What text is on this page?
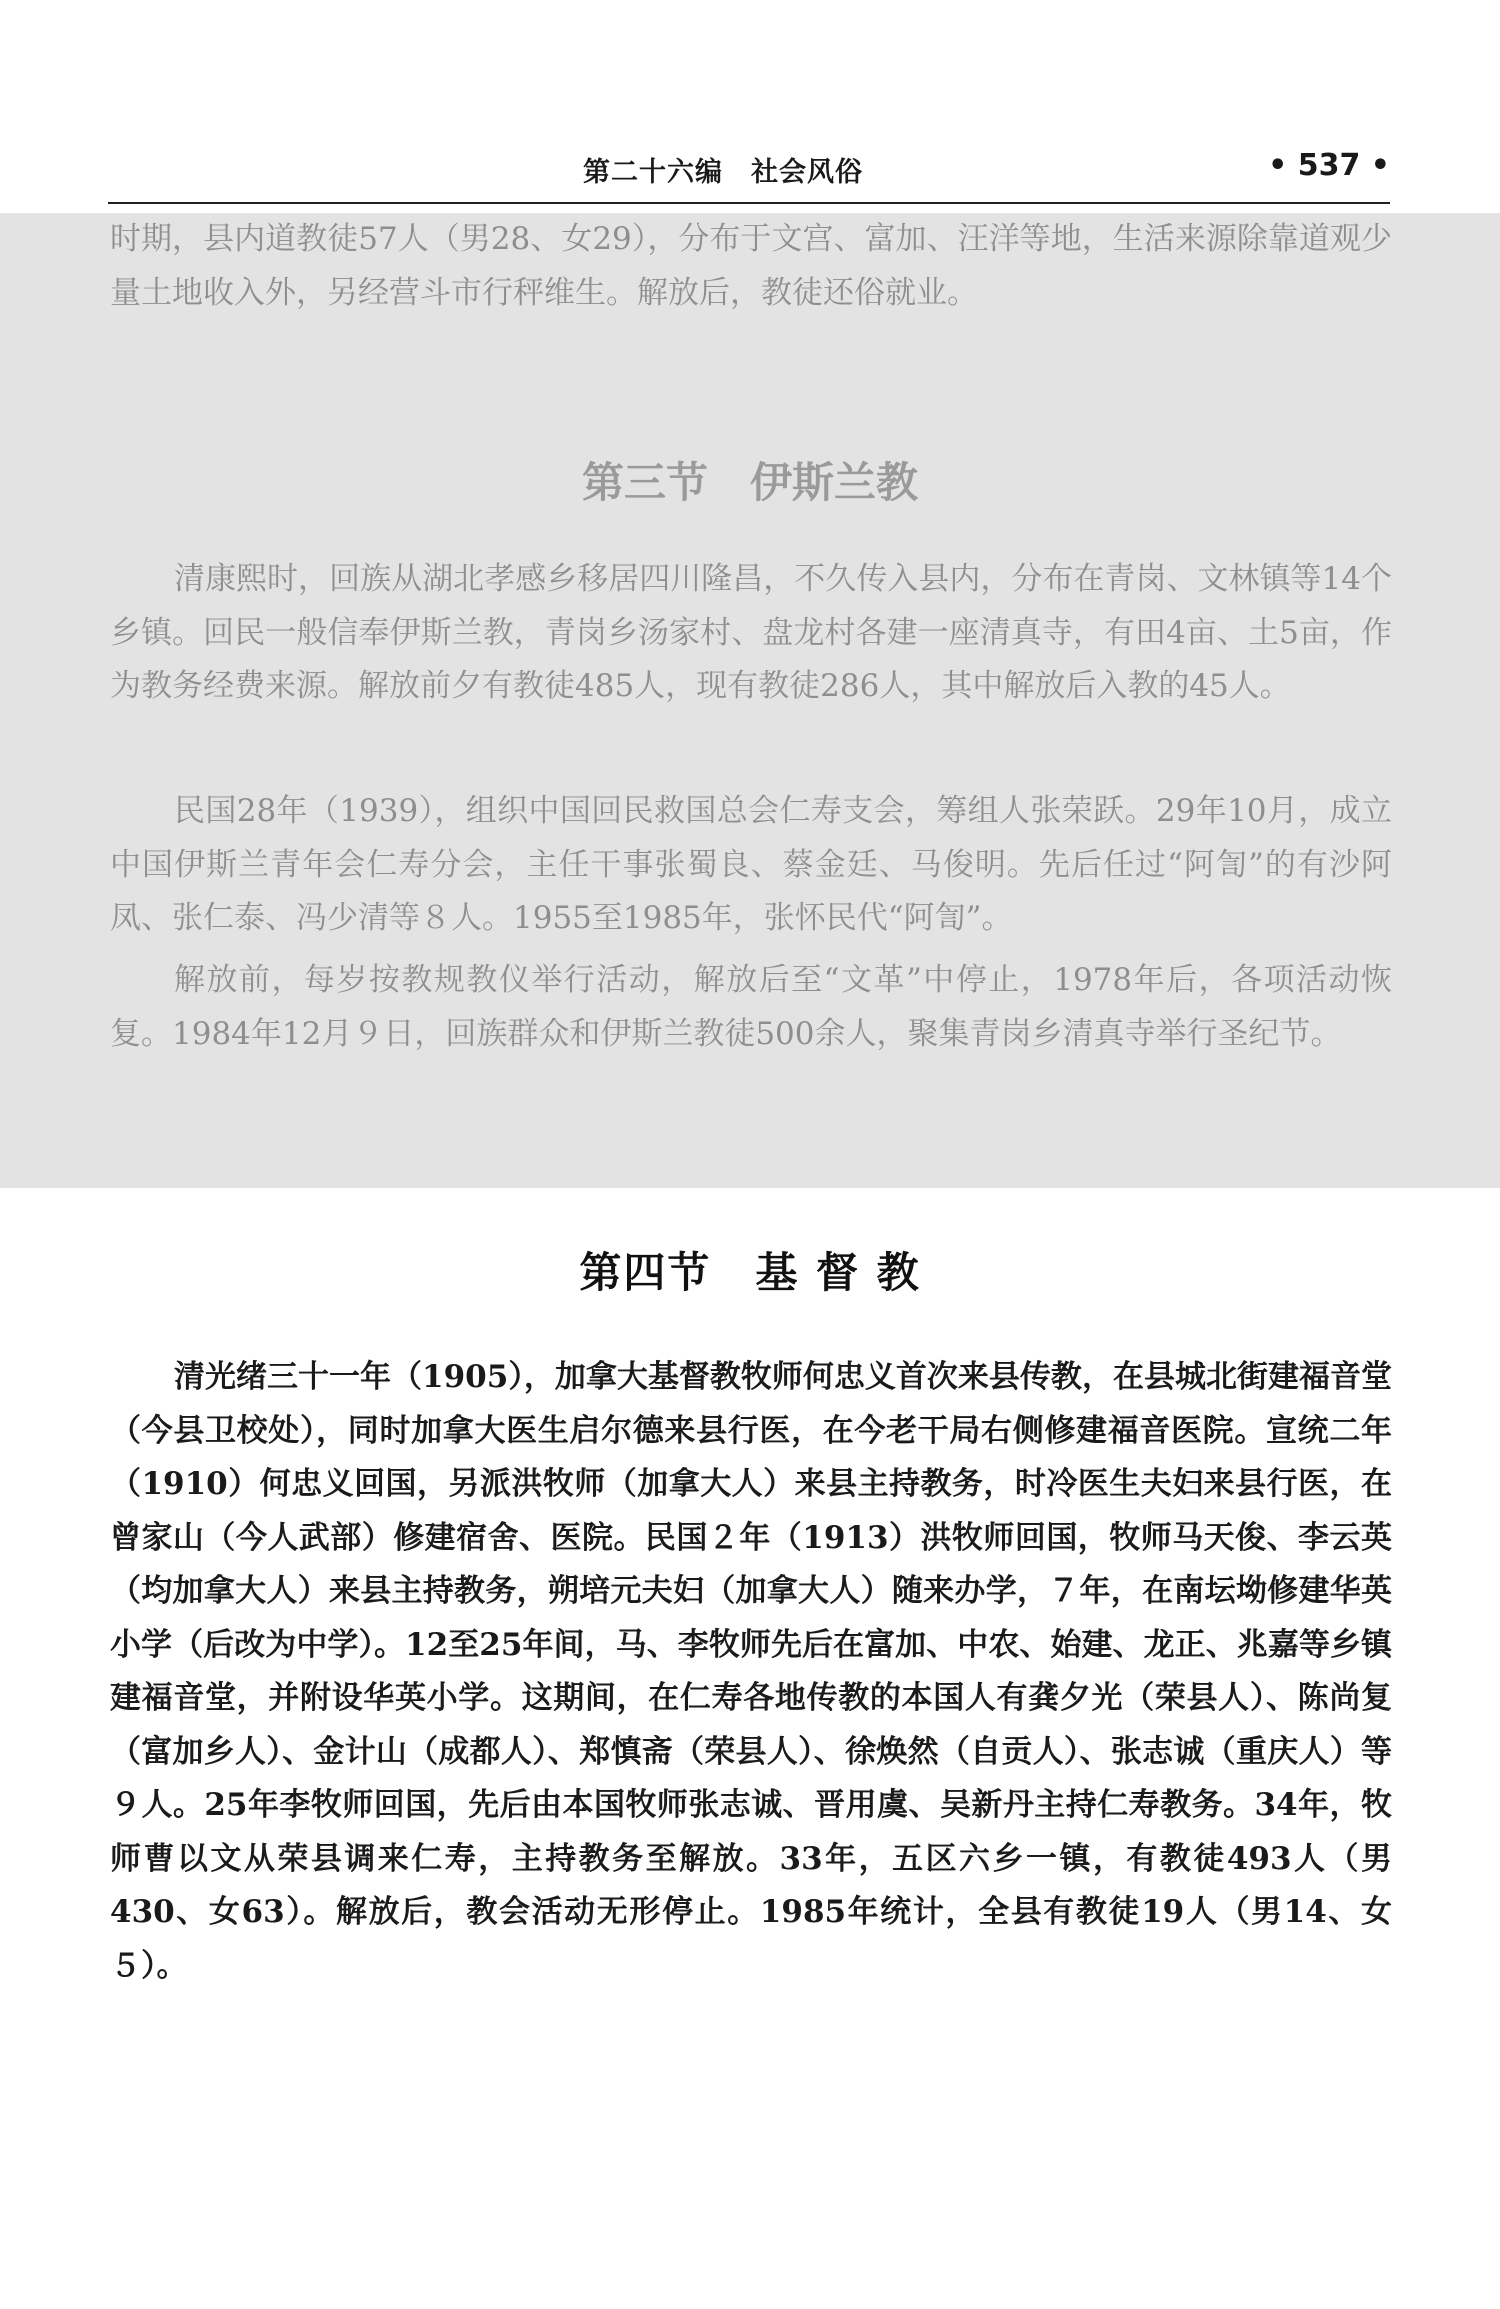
第二十六编　社会风俗	• 537 •

时期，县内道教徒57人（男28、女29），分布于文宫、富加、汪洋等地，生活来源除靠道观少量土地收入外，另经营斗市行秤维生。解放后，教徒还俗就业。

第三节　伊斯兰教

清康熙时，回族从湖北孝感乡移居四川隆昌，不久传入县内，分布在青岗、文林镇等14个乡镇。回民一般信奉伊斯兰教，青岗乡汤家村、盘龙村各建一座清真寺，有田4亩、土5亩，作为教务经费来源。解放前夕有教徒485人，现有教徒286人，其中解放后入教的45人。

民国28年（1939），组织中国回民救国总会仁寿支会，筹组人张荣跃。29年10月，成立中国伊斯兰青年会仁寿分会，主任干事张蜀良、蔡金廷、马俊明。先后任过“阿訇”的有沙阿凤、张仁泰、冯少清等８人。1955至1985年，张怀民代“阿訇”。

解放前，每岁按教规教仪举行活动，解放后至“文革”中停止，1978年后，各项活动恢复。1984年12月９日，回族群众和伊斯兰教徒500余人，聚集青岗乡清真寺举行圣纪节。

第四节　基 督 教

清光绪三十一年（1905），加拿大基督教牧师何忠义首次来县传教，在县城北街建福音堂（今县卫校处），同时加拿大医生启尔德来县行医，在今老干局右侧修建福音医院。宣统二年（1910）何忠义回国，另派洪牧师（加拿大人）来县主持教务，时冷医生夫妇来县行医，在曾家山（今人武部）修建宿舍、医院。民国２年（1913）洪牧师回国，牧师马天俊、李云英（均加拿大人）来县主持教务，朔培元夫妇（加拿大人）随来办学，７年，在南坛坳修建华英小学（后改为中学）。12至25年间，马、李牧师先后在富加、中农、始建、龙正、兆嘉等乡镇建福音堂，并附设华英小学。这期间，在仁寿各地传教的本国人有龚夕光（荣县人）、陈尚复（富加乡人）、金计山（成都人）、郑慎斋（荣县人）、徐焕然（自贡人）、张志诚（重庆人）等９人。25年李牧师回国，先后由本国牧师张志诚、晋用虞、吴新丹主持仁寿教务。34年，牧师曹以文从荣县调来仁寿，主持教务至解放。33年，五区六乡一镇，有教徒493人（男430、女63）。解放后，教会活动无形停止。1985年统计，全县有教徒19人（男14、女５）。
